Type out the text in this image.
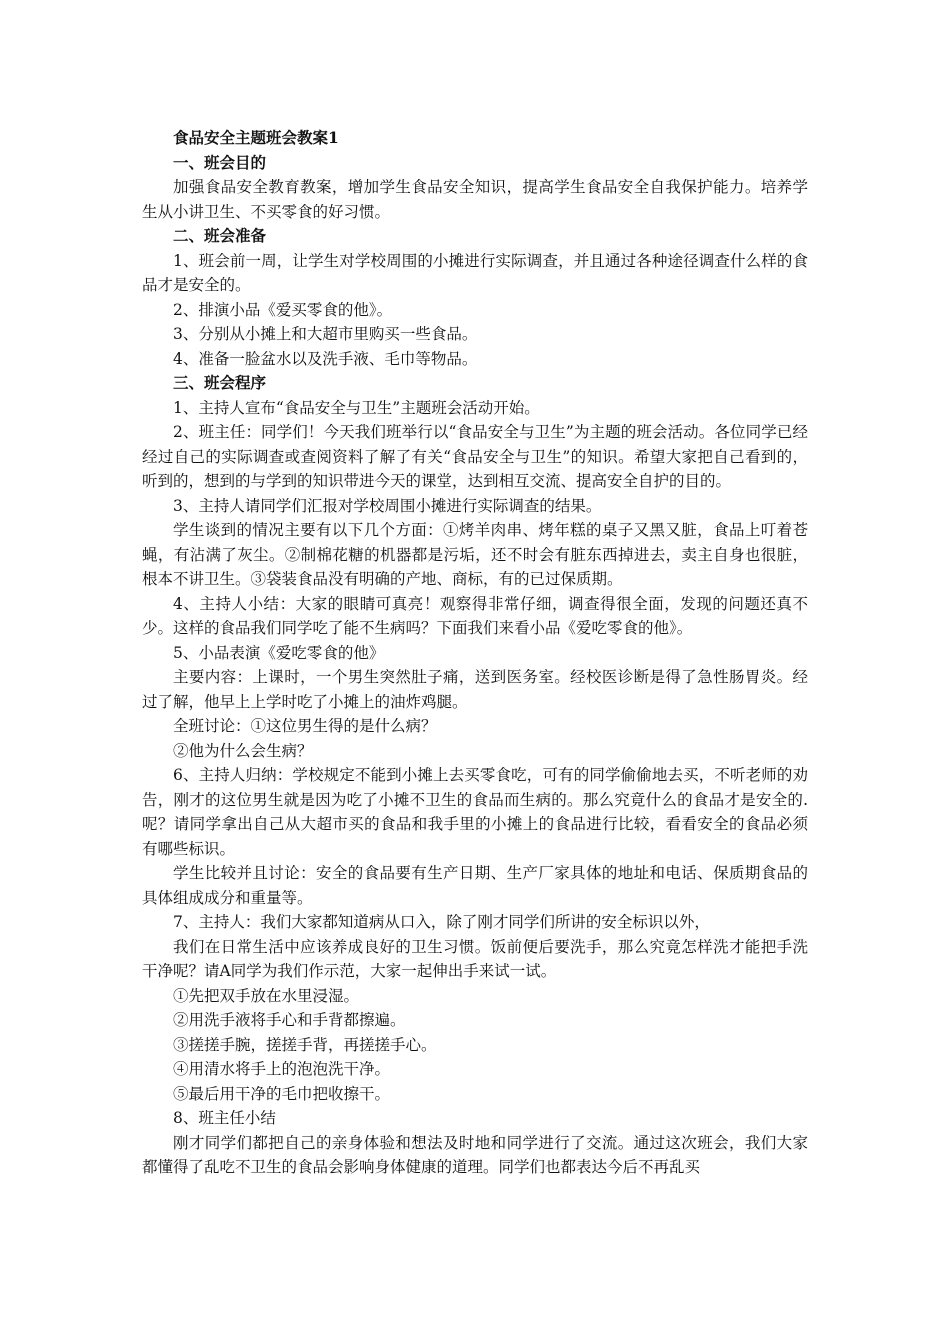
食品安全主题班会教案1

一、班会目的

加强食品安全教育教案，增加学生食品安全知识，提高学生食品安全自我保护能力。培养学生从小讲卫生、不买零食的好习惯。

二、班会准备

1、班会前一周，让学生对学校周围的小摊进行实际调查，并且通过各种途径调查什么样的食品才是安全的。

2、排演小品《爱买零食的他》。

3、分别从小摊上和大超市里购买一些食品。

4、准备一脸盆水以及洗手液、毛巾等物品。

三、班会程序

1、主持人宣布“食品安全与卫生”主题班会活动开始。

2、班主任：同学们！今天我们班举行以“食品安全与卫生”为主题的班会活动。各位同学已经经过自己的实际调查或查阅资料了解了有关“食品安全与卫生”的知识。希望大家把自己看到的，听到的，想到的与学到的知识带进今天的课堂，达到相互交流、提高安全自护的目的。

3、主持人请同学们汇报对学校周围小摊进行实际调查的结果。

学生谈到的情况主要有以下几个方面：①烤羊肉串、烤年糕的桌子又黑又脏，食品上叮着苍蝇，有沾满了灰尘。②制棉花糖的机器都是污垢，还不时会有脏东西掉进去，卖主自身也很脏，根本不讲卫生。③袋装食品没有明确的产地、商标，有的已过保质期。

4、主持人小结：大家的眼睛可真亮！观察得非常仔细，调查得很全面，发现的问题还真不少。这样的食品我们同学吃了能不生病吗？下面我们来看小品《爱吃零食的他》。

5、小品表演《爱吃零食的他》

主要内容：上课时，一个男生突然肚子痛，送到医务室。经校医诊断是得了急性肠胃炎。经过了解，他早上上学时吃了小摊上的油炸鸡腿。

全班讨论：①这位男生得的是什么病？

②他为什么会生病？

6、主持人归纳：学校规定不能到小摊上去买零食吃，可有的同学偷偷地去买，不听老师的劝告，刚才的这位男生就是因为吃了小摊不卫生的食品而生病的。那么究竟什么的食品才是安全的.呢？请同学拿出自己从大超市买的食品和我手里的小摊上的食品进行比较，看看安全的食品必须有哪些标识。

学生比较并且讨论：安全的食品要有生产日期、生产厂家具体的地址和电话、保质期食品的具体组成成分和重量等。

7、主持人：我们大家都知道病从口入，除了刚才同学们所讲的安全标识以外，

我们在日常生活中应该养成良好的卫生习惯。饭前便后要洗手，那么究竟怎样洗才能把手洗干净呢？请A同学为我们作示范，大家一起伸出手来试一试。

①先把双手放在水里浸湿。

②用洗手液将手心和手背都擦遍。

③搓搓手腕，搓搓手背，再搓搓手心。

④用清水将手上的泡泡洗干净。

⑤最后用干净的毛巾把收擦干。

8、班主任小结

刚才同学们都把自己的亲身体验和想法及时地和同学进行了交流。通过这次班会，我们大家都懂得了乱吃不卫生的食品会影响身体健康的道理。同学们也都表达今后不再乱买
